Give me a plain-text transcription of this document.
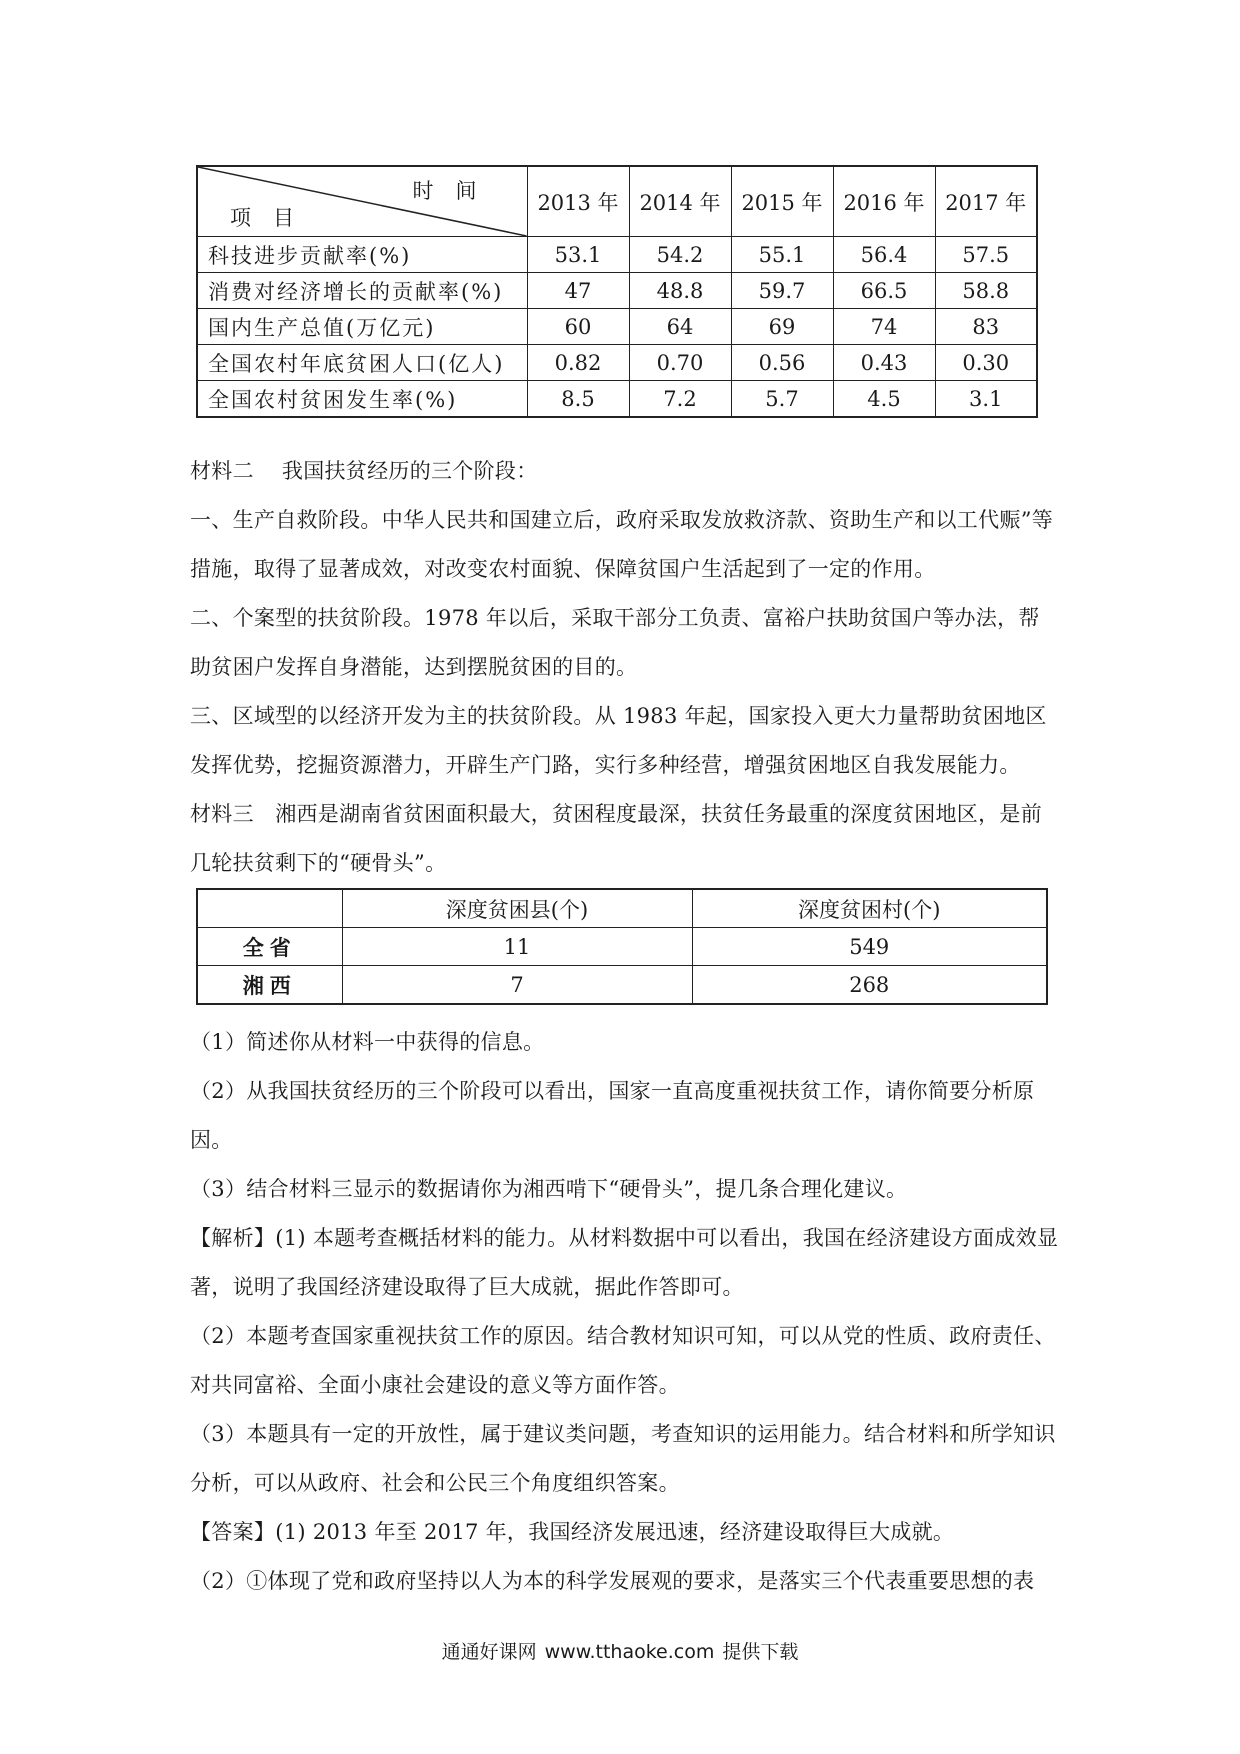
时间
项目	2013 年	2014 年	2015 年	2016 年	2017 年
科技进步贡献率(%)	53.1	54.2	55.1	56.4	57.5
消费对经济增长的贡献率(%)	47	48.8	59.7	66.5	58.8
国内生产总值(万亿元)	60	64	69	74	83
全国农村年底贫困人口(亿人)	0.82	0.70	0.56	0.43	0.30
全国农村贫困发生率(%)	8.5	7.2	5.7	4.5	3.1

材料二 我国扶贫经历的三个阶段：

一、生产自救阶段。中华人民共和国建立后，政府采取发放救济款、资助生产和以工代赈”等措施，取得了显著成效，对改变农村面貌、保障贫国户生活起到了一定的作用。

二、个案型的扶贫阶段。1978 年以后，采取干部分工负责、富裕户扶助贫国户等办法，帮助贫困户发挥自身潜能，达到摆脱贫困的目的。

三、区域型的以经济开发为主的扶贫阶段。从 1983 年起，国家投入更大力量帮助贫困地区发挥优势，挖掘资源潜力，开辟生产门路，实行多种经营，增强贫困地区自我发展能力。

材料三　湘西是湖南省贫困面积最大，贫困程度最深，扶贫任务最重的深度贫困地区，是前几轮扶贫剩下的“硬骨头”。

	深度贫困县(个)	深度贫困村(个)
全省	11	549
湘西	7	268

（1）简述你从材料一中获得的信息。

（2）从我国扶贫经历的三个阶段可以看出，国家一直高度重视扶贫工作，请你简要分析原因。

（3）结合材料三显示的数据请你为湘西啃下“硬骨头”，提几条合理化建议。

【解析】(1) 本题考查概括材料的能力。从材料数据中可以看出，我国在经济建设方面成效显著，说明了我国经济建设取得了巨大成就，据此作答即可。

（2）本题考查国家重视扶贫工作的原因。结合教材知识可知，可以从党的性质、政府责任、对共同富裕、全面小康社会建设的意义等方面作答。

（3）本题具有一定的开放性，属于建议类问题，考查知识的运用能力。结合材料和所学知识分析，可以从政府、社会和公民三个角度组织答案。

【答案】(1) 2013 年至 2017 年，我国经济发展迅速，经济建设取得巨大成就。

（2）①体现了党和政府坚持以人为本的科学发展观的要求，是落实三个代表重要思想的表

通通好课网 www.tthaoke.com 提供下载
